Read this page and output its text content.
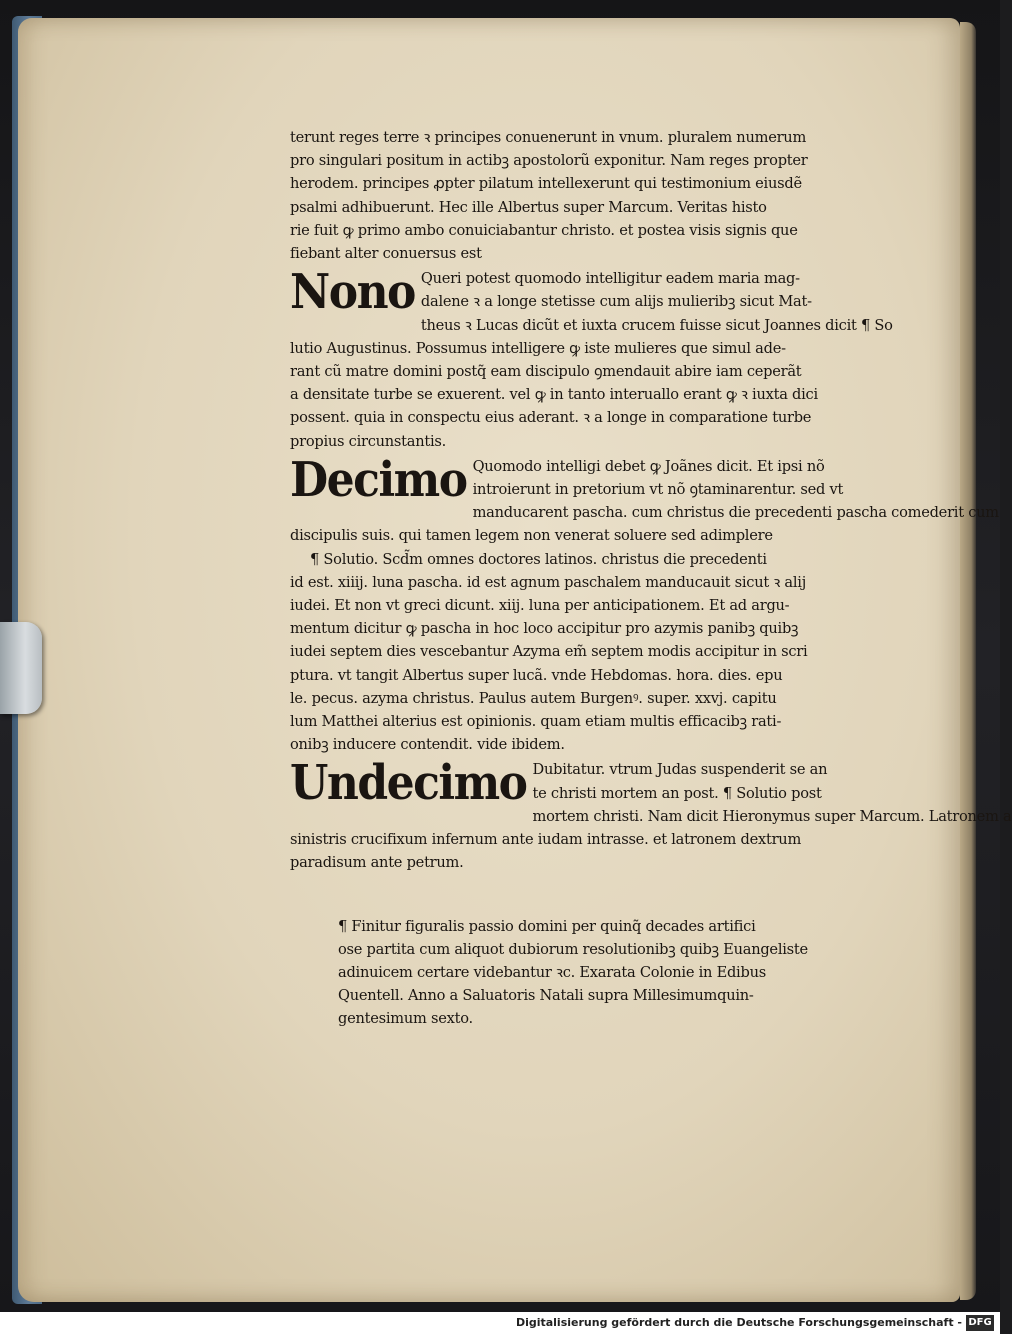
terunt reges terre ꝛ principes conuenerunt in vnum. pluralem numerum
pro singulari positum in actibꝫ apostolorũ exponitur. Nam reges propter
herodem. principes ꝓpter pilatum intellexerunt qui testimonium eiusdẽ
psalmi adhibuerunt. Hec ille Albertus super Marcum. Veritas histo
rie fuit ꝙ primo ambo conuiciabantur christo. et postea visis signis que
fiebant alter conuersus est
Nono Queri potest quomodo intelligitur eadem maria mag‑
dalene ꝛ a longe stetisse cum alijs mulieribꝫ sicut Mat‑
theus ꝛ Lucas dicũt et iuxta crucem fuisse sicut Joannes dicit ¶ So
lutio Augustinus. Possumus intelligere ꝙ iste mulieres que simul ade‑
rant cũ matre domini postq̃ eam discipulo ꝯmendauit abire iam ceperãt
a densitate turbe se exuerent. vel ꝙ in tanto interuallo erant ꝙ ꝛ iuxta dici
possent. quia in conspectu eius aderant. ꝛ a longe in comparatione turbe
propius circunstantis.
Decimo Quomodo intelligi debet ꝙ Joãnes dicit. Et ipsi nõ
introierunt in pretorium vt nõ ꝯtaminarentur. sed vt
manducarent pascha. cum christus die precedenti pascha comederit cum
discipulis suis. qui tamen legem non venerat soluere sed adimplere
¶ Solutio. Scd̃m omnes doctores latinos. christus die precedenti
id est. xiiij. luna pascha. id est agnum paschalem manducauit sicut ꝛ alij
iudei. Et non vt greci dicunt. xiij. luna per anticipationem. Et ad argu‑
mentum dicitur ꝙ pascha in hoc loco accipitur pro azymis panibꝫ quibꝫ
iudei septem dies vescebantur Azyma em̃ septem modis accipitur in scri
ptura. vt tangit Albertus super lucã. vnde Hebdomas. hora. dies. epu
le. pecus. azyma christus. Paulus autem Burgenꝰ. super. xxvj. capitu
lum Matthei alterius est opinionis. quam etiam multis efficacibꝫ rati‑
onibꝫ inducere contendit. vide ibidem.
Undecimo Dubitatur. vtrum Judas suspenderit se an
te christi mortem an post. ¶ Solutio post
mortem christi. Nam dicit Hieronymus super Marcum. Latronem a
sinistris crucifixum infernum ante iudam intrasse. et latronem dextrum
paradisum ante petrum.
¶ Finitur figuralis passio domini per quinq̃ decades artifici
ose partita cum aliquot dubiorum resolutionibꝫ quibꝫ Euangeliste
adinuicem certare videbantur ꝛc. Exarata Colonie in Edibus
Quentell. Anno a Saluatoris Natali supra Millesimumquin‑
gentesimum sexto.
Digitalisierung gefördert durch die Deutsche Forschungsgemeinschaft - DFG
